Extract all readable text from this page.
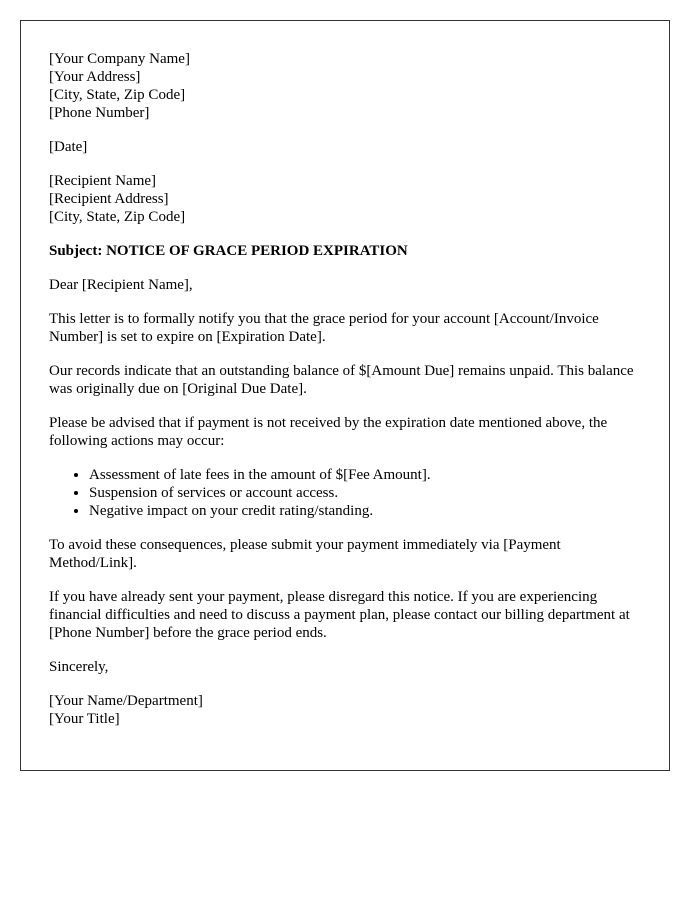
[Your Company Name]
[Your Address]
[City, State, Zip Code]
[Phone Number]
[Date]
[Recipient Name]
[Recipient Address]
[City, State, Zip Code]

Subject: NOTICE OF GRACE PERIOD EXPIRATION

Dear [Recipient Name],

This letter is to formally notify you that the grace period for your account [Account/Invoice Number] is set to expire on [Expiration Date].

Our records indicate that an outstanding balance of $[Amount Due] remains unpaid. This balance was originally due on [Original Due Date].

Please be advised that if payment is not received by the expiration date mentioned above, the following actions may occur:

• Assessment of late fees in the amount of $[Fee Amount].
• Suspension of services or account access.
• Negative impact on your credit rating/standing.

To avoid these consequences, please submit your payment immediately via [Payment Method/Link].

If you have already sent your payment, please disregard this notice. If you are experiencing financial difficulties and need to discuss a payment plan, please contact our billing department at [Phone Number] before the grace period ends.

Sincerely,

[Your Name/Department]
[Your Title]
